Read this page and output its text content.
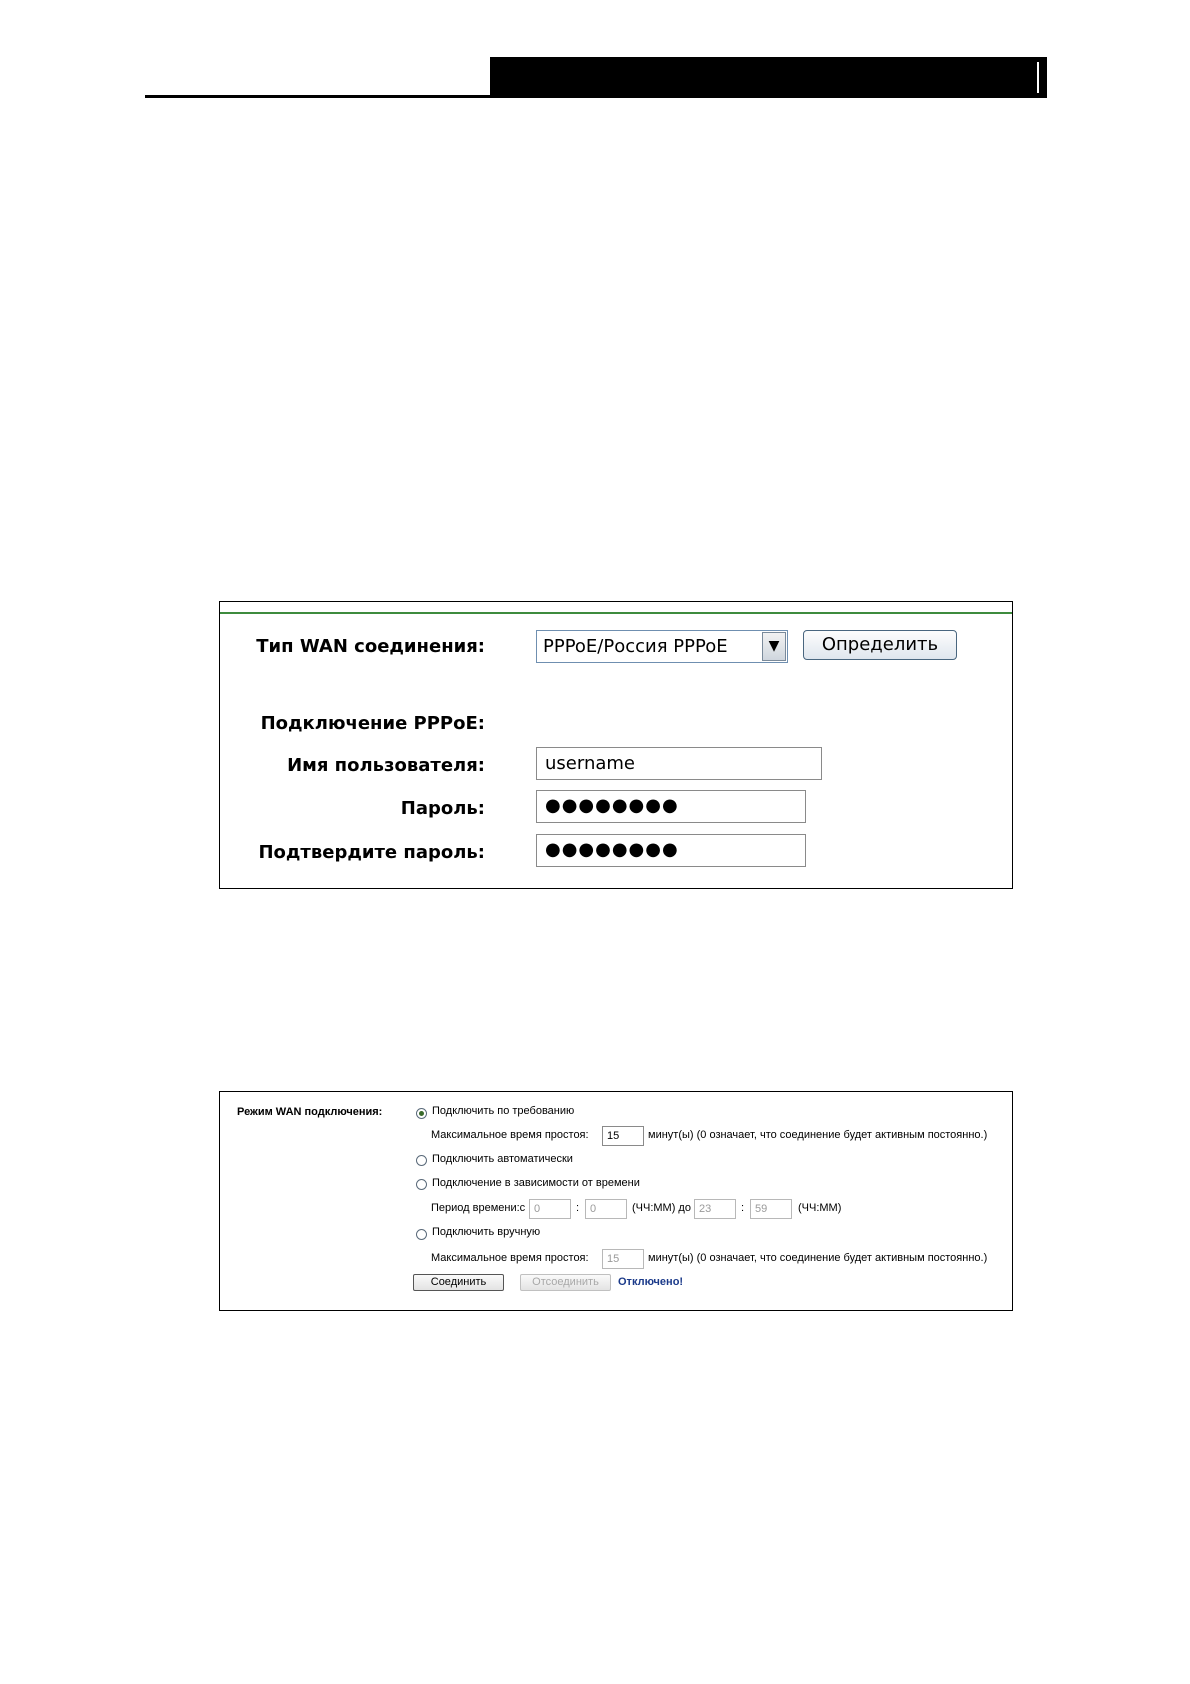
Тип WAN соединения:	PPPoE/Россия PPPoE	▼	Определить
Подключение PPPoE:
Имя пользователя:	username
Пароль:	●●●●●●●●
Подтвердите пароль:	●●●●●●●●
Режим WAN подключения:	Подключить по требованию
Максимальное время простоя:	15	минут(ы) (0 означает, что соединение будет активным постоянно.)
Подключить автоматически
Подключение в зависимости от времени
Период времени:с 0	: 0	(ЧЧ:ММ) до 23	: 59	(ЧЧ:ММ)
Подключить вручную
Максимальное время простоя:	15	минут(ы) (0 означает, что соединение будет активным постоянно.)
Соединить	Отсоединить	Отключено!
